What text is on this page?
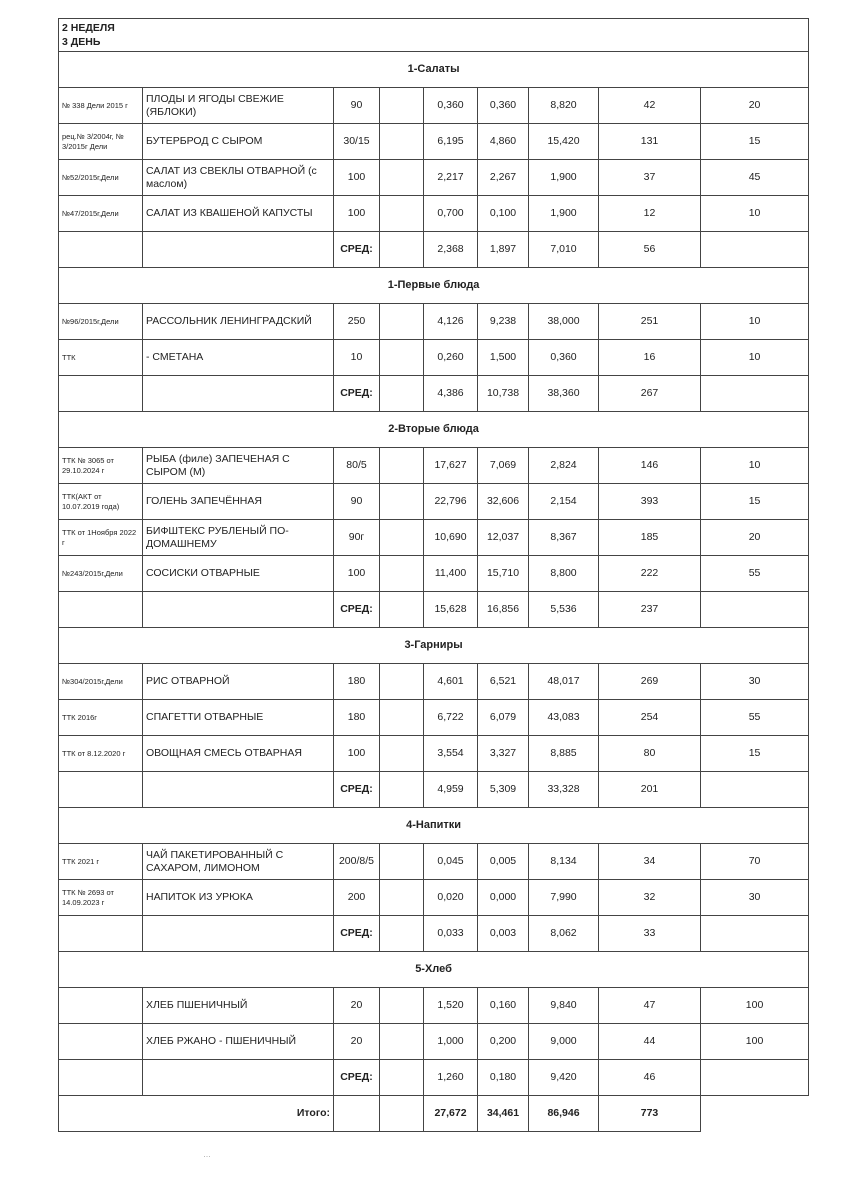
2 НЕДЕЛЯ
3 ДЕНЬ								

1-Салаты								
№ 338 Дели 2015 г	ПЛОДЫ И ЯГОДЫ СВЕЖИЕ (ЯБЛОКИ)	90		0,360	0,360	8,820	42	20
рец.№ 3/2004г, № 3/2015г Дели	БУТЕРБРОД С СЫРОМ	30/15		6,195	4,860	15,420	131	15
№52/2015г,Дели	САЛАТ ИЗ СВЕКЛЫ ОТВАРНОЙ (с маслом)	100		2,217	2,267	1,900	37	45
№47/2015г,Дели	САЛАТ ИЗ КВАШЕНОЙ КАПУСТЫ	100		0,700	0,100	1,900	12	10
		СРЕД:		2,368	1,897	7,010	56	
1-Первые блюда								
№96/2015г,Дели	РАССОЛЬНИК ЛЕНИНГРАДСКИЙ	250		4,126	9,238	38,000	251	10
ТТК	- СМЕТАНА	10		0,260	1,500	0,360	16	10
		СРЕД:		4,386	10,738	38,360	267	
2-Вторые блюда								
ТТК № 3065 от 29.10.2024 г	РЫБА (филе) ЗАПЕЧЕНАЯ С СЫРОМ (М)	80/5		17,627	7,069	2,824	146	10
ТТК(АКТ от 10.07.2019 года)	ГОЛЕНЬ ЗАПЕЧЁННАЯ	90		22,796	32,606	2,154	393	15
ТТК от 1Ноября 2022 г	БИФШТЕКС РУБЛЕНЫЙ ПО-ДОМАШНЕМУ	90г		10,690	12,037	8,367	185	20
№243/2015г,Дели	СОСИСКИ ОТВАРНЫЕ	100		11,400	15,710	8,800	222	55
		СРЕД:		15,628	16,856	5,536	237	
3-Гарниры								
№304/2015г,Дели	РИС ОТВАРНОЙ	180		4,601	6,521	48,017	269	30
ТТК 2016г	СПАГЕТТИ ОТВАРНЫЕ	180		6,722	6,079	43,083	254	55
ТТК от 8.12.2020 г	ОВОЩНАЯ СМЕСЬ ОТВАРНАЯ	100		3,554	3,327	8,885	80	15
		СРЕД:		4,959	5,309	33,328	201	
4-Напитки								
ТТК 2021 г	ЧАЙ ПАКЕТИРОВАННЫЙ С САХАРОМ, ЛИМОНОМ	200/8/5		0,045	0,005	8,134	34	70
ТТК № 2693 от 14.09.2023 г	НАПИТОК ИЗ УРЮКА	200		0,020	0,000	7,990	32	30
		СРЕД:		0,033	0,003	8,062	33	
5-Хлеб								
	ХЛЕБ ПШЕНИЧНЫЙ	20		1,520	0,160	9,840	47	100
	ХЛЕБ РЖАНО - ПШЕНИЧНЫЙ	20		1,000	0,200	9,000	44	100
		СРЕД:		1,260	0,180	9,420	46	
Итого:				27,672	34,461	86,946	773	
…
